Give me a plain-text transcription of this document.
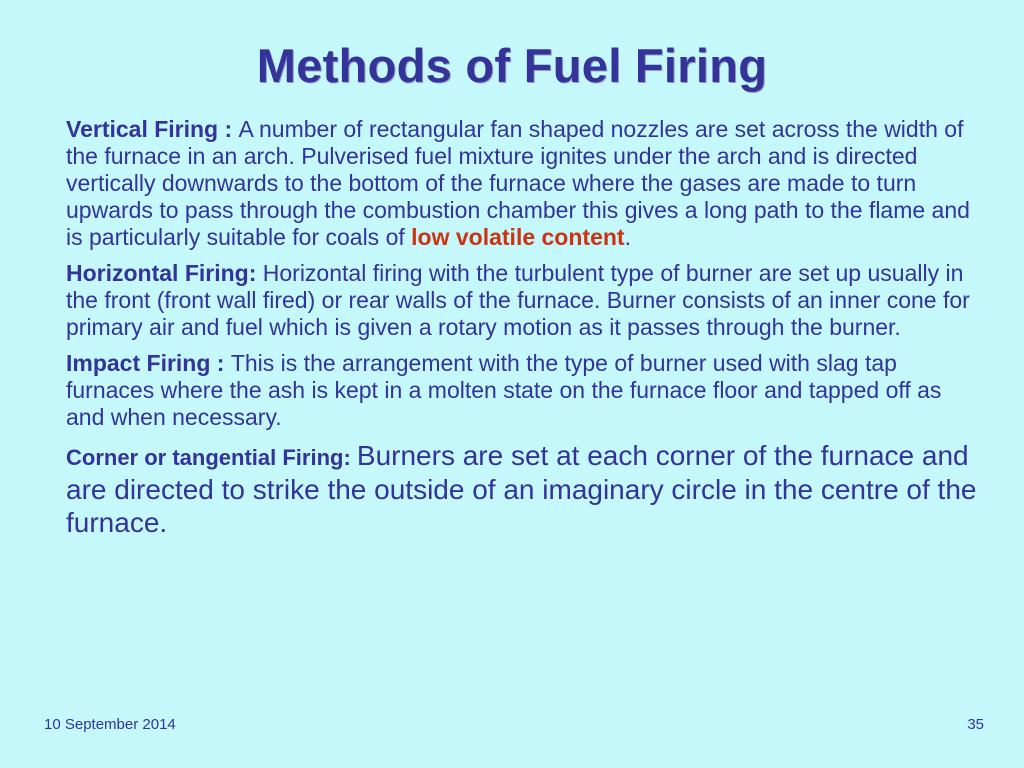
Methods of Fuel Firing

Vertical Firing : A number of rectangular fan shaped nozzles are set across the width of the furnace in an arch. Pulverised fuel mixture ignites under the arch and is directed vertically downwards to the bottom of the furnace where the gases are made to turn upwards to pass through the combustion chamber this gives a long path to the flame and is particularly suitable for coals of low volatile content.

Horizontal Firing: Horizontal firing with the turbulent type of burner are set up usually in the front (front wall fired) or rear walls of the furnace. Burner consists of an inner cone for primary air and fuel which is given a rotary motion as it passes through the burner.

Impact Firing : This is the arrangement with the type of burner used with slag tap furnaces where the ash is kept in a molten state on the furnace floor and tapped off as and when necessary.

Corner or tangential Firing: Burners are set at each corner of the furnace and are directed to strike the outside of an imaginary circle in the centre of the furnace.

10 September 2014	35
